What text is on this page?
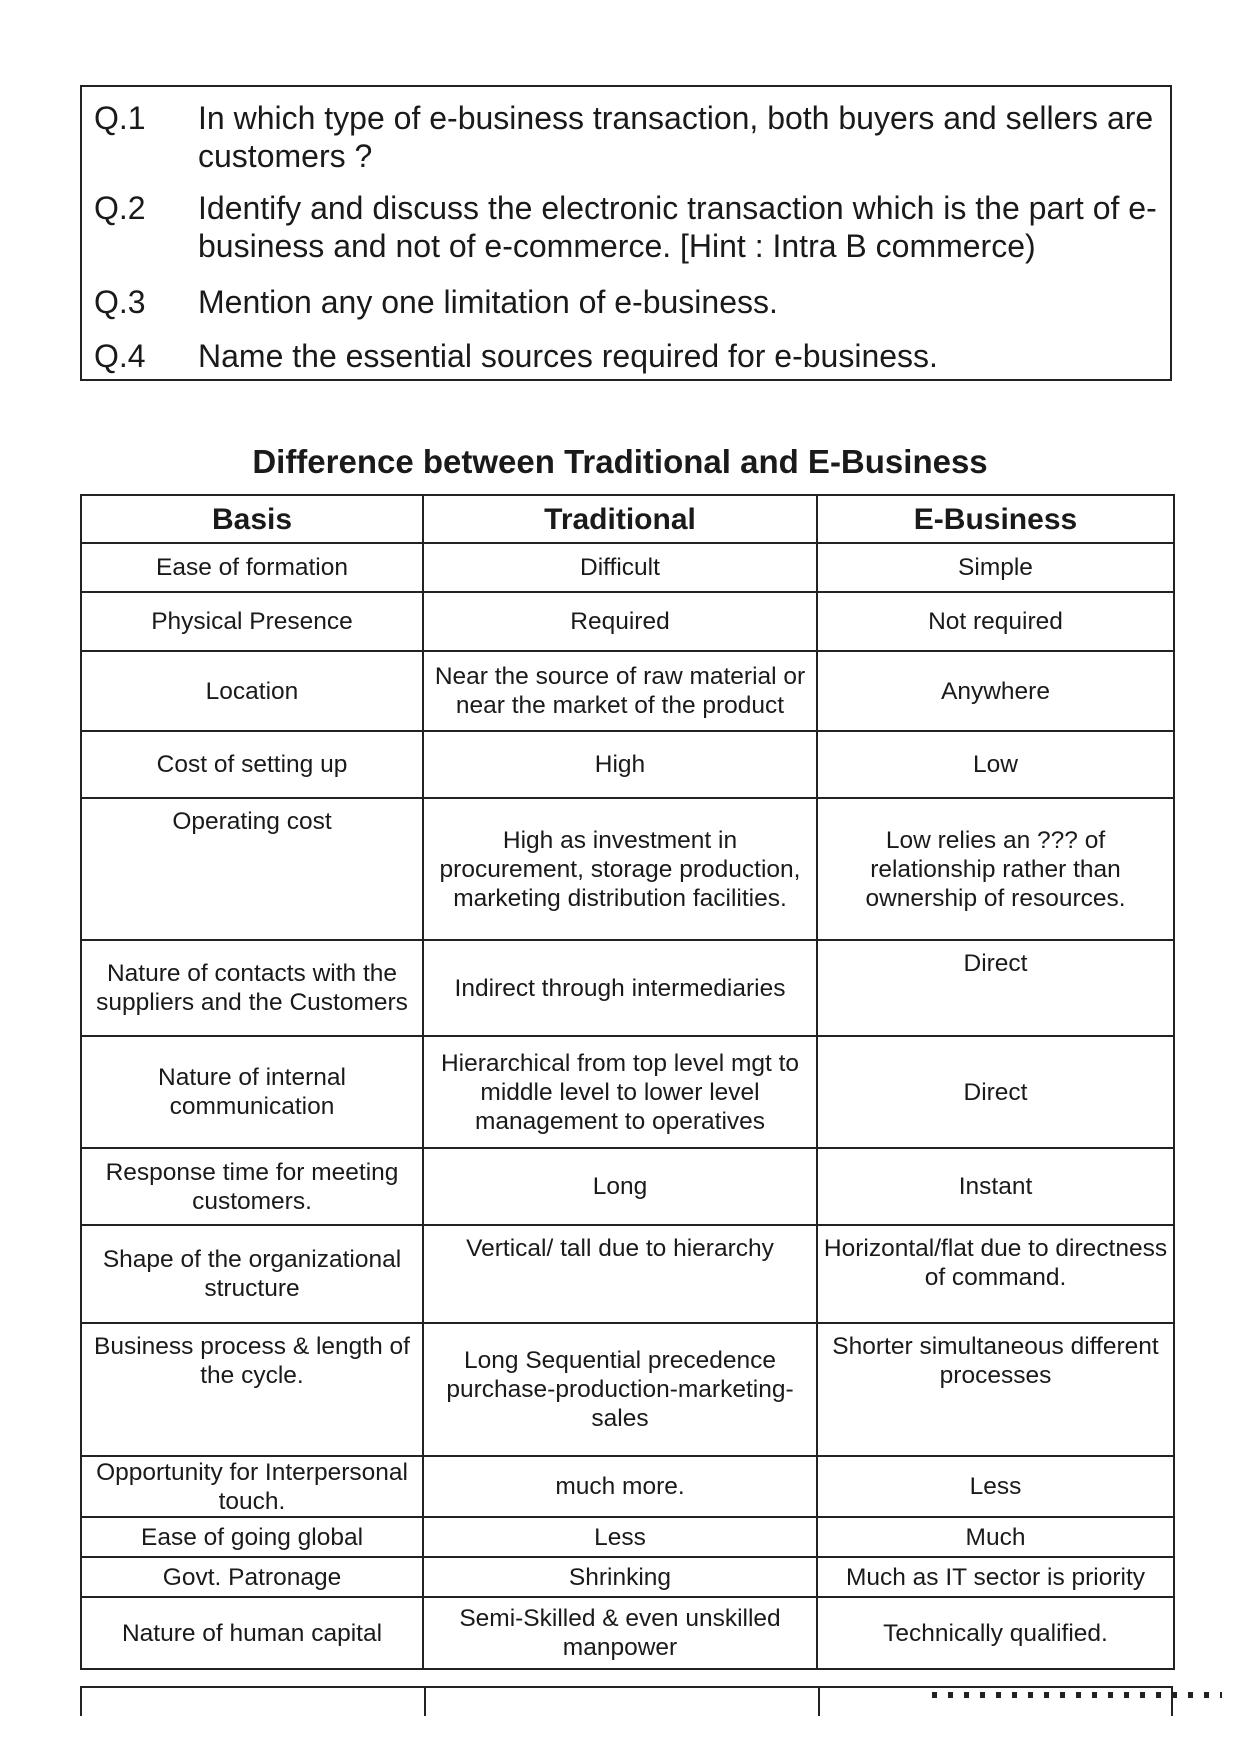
Q.1 In which type of e-business transaction, both buyers and sellers are customers ?
Q.2 Identify and discuss the electronic transaction which is the part of e-business and not of e-commerce. [Hint : Intra B commerce)
Q.3 Mention any one limitation of e-business.
Q.4 Name the essential sources required for e-business.
Difference between Traditional and E-Business
Basis	Traditional	E-Business
Ease of formation	Difficult	Simple
Physical Presence	Required	Not required
Location	Near the source of raw material or near the market of the product	Anywhere
Cost of setting up	High	Low
Operating cost	High as investment in procurement, storage production, marketing distribution facilities.	Low relies an ??? of relationship rather than ownership of resources.
Nature of contacts with the suppliers and the Customers	Indirect through intermediaries	Direct
Nature of internal communication	Hierarchical from top level mgt to middle level to lower level management to operatives	Direct
Response time for meeting customers.	Long	Instant
Shape of the organizational structure	Vertical/ tall due to hierarchy	Horizontal/flat due to directness of command.
Business process & length of the cycle.	Long Sequential precedence purchase-production-marketing-sales	Shorter simultaneous different processes
Opportunity for Interpersonal touch.	much more.	Less
Ease of going global	Less	Much
Govt. Patronage	Shrinking	Much as IT sector is priority
Nature of human capital	Semi-Skilled & even unskilled manpower	Technically qualified.
